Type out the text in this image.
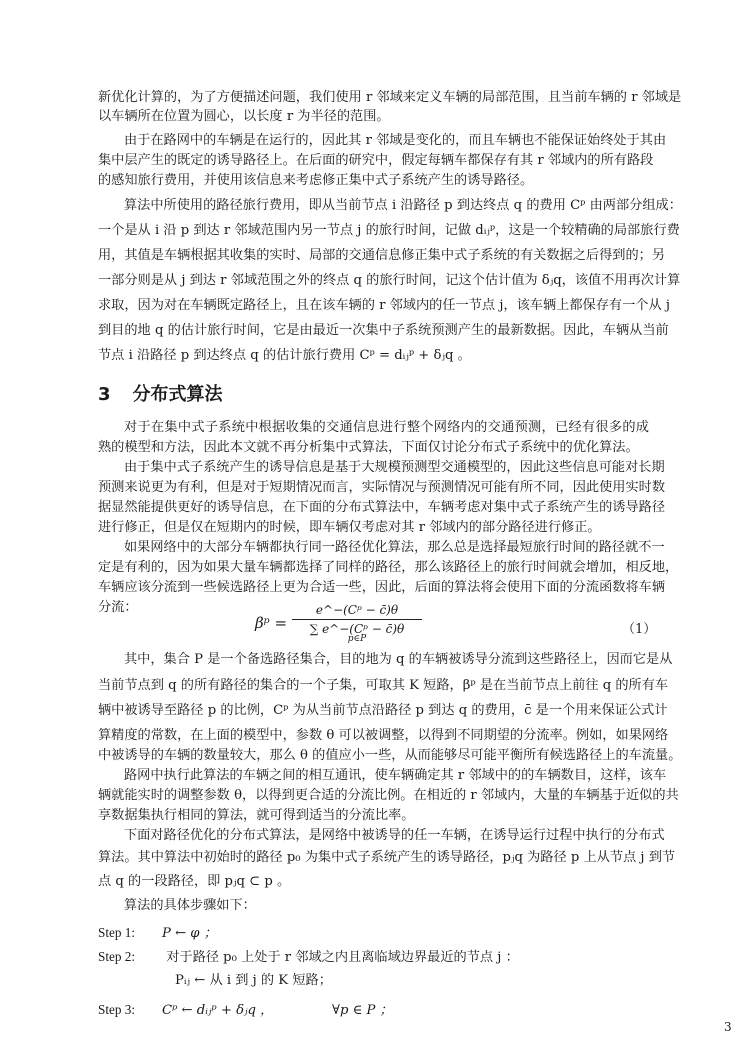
新优化计算的，为了方便描述问题，我们使用 r 邻域来定义车辆的局部范围，且当前车辆的 r 邻域是
以车辆所在位置为圆心，以长度 r 为半径的范围。
由于在路网中的车辆是在运行的，因此其 r 邻域是变化的，而且车辆也不能保证始终处于其由
集中层产生的既定的诱导路径上。在后面的研究中，假定每辆车都保存有其 r 邻域内的所有路段
的感知旅行费用，并使用该信息来考虑修正集中式子系统产生的诱导路径。
算法中所使用的路径旅行费用，即从当前节点 i 沿路径 p 到达终点 q 的费用 Cᵖ 由两部分组成：
一个是从 i 沿 p 到达 r 邻域范围内另一节点 j 的旅行时间，记做 dᵢⱼᵖ，这是一个较精确的局部旅行费
用，其值是车辆根据其收集的实时、局部的交通信息修正集中式子系统的有关数据之后得到的；另
一部分则是从 j 到达 r 邻域范围之外的终点 q 的旅行时间，记这个估计值为 δⱼq，该值不用再次计算
求取，因为对在车辆既定路径上，且在该车辆的 r 邻域内的任一节点 j，该车辆上都保存有一个从 j
到目的地 q 的估计旅行时间，它是由最近一次集中子系统预测产生的最新数据。因此，车辆从当前
节点 i 沿路径 p 到达终点 q 的估计旅行费用 Cᵖ = dᵢⱼᵖ + δⱼq 。
3 分布式算法
对于在集中式子系统中根据收集的交通信息进行整个网络内的交通预测，已经有很多的成
熟的模型和方法，因此本文就不再分析集中式算法，下面仅讨论分布式子系统中的优化算法。
由于集中式子系统产生的诱导信息是基于大规模预测型交通模型的，因此这些信息可能对长期
预测来说更为有利，但是对于短期情况而言，实际情况与预测情况可能有所不同，因此使用实时数
据显然能提供更好的诱导信息，在下面的分布式算法中，车辆考虑对集中式子系统产生的诱导路径
进行修正，但是仅在短期内的时候，即车辆仅考虑对其 r 邻域内的部分路径进行修正。
如果网络中的大部分车辆都执行同一路径优化算法，那么总是选择最短旅行时间的路径就不一
定是有利的，因为如果大量车辆都选择了同样的路径，那么该路径上的旅行时间就会增加，相反地，
车辆应该分流到一些候选路径上更为合适一些，因此，后面的算法将会使用下面的分流函数将车辆
分流：
βᵖ =
e^−(Cᵖ − c̄)θ
∑ e^−(Cᵖ − c̄)θ
p∈P
（1）
其中，集合 P 是一个备选路径集合，目的地为 q 的车辆被诱导分流到这些路径上，因而它是从
当前节点到 q 的所有路径的集合的一个子集，可取其 K 短路，βᵖ 是在当前节点上前往 q 的所有车
辆中被诱导至路径 p 的比例，Cᵖ 为从当前节点沿路径 p 到达 q 的费用，c̄ 是一个用来保证公式计
算精度的常数，在上面的模型中，参数 θ 可以被调整，以得到不同期望的分流率。例如，如果网络
中被诱导的车辆的数量较大，那么 θ 的值应小一些，从而能够尽可能平衡所有候选路径上的车流量。
路网中执行此算法的车辆之间的相互通讯，使车辆确定其 r 邻域中的的车辆数目，这样，该车
辆就能实时的调整参数 θ，以得到更合适的分流比例。在相近的 r 邻域内，大量的车辆基于近似的共
享数据集执行相同的算法，就可得到适当的分流比率。
下面对路径优化的分布式算法，是网络中被诱导的任一车辆，在诱导运行过程中执行的分布式
算法。其中算法中初始时的路径 p₀ 为集中式子系统产生的诱导路径，pⱼq 为路径 p 上从节点 j 到节
点 q 的一段路径，即 pⱼq ⊂ p 。
算法的具体步骤如下：
Step 1: P ← φ ；
Step 2: 对于路径 p₀ 上处于 r 邻域之内且离临域边界最近的节点 j ：
Pᵢⱼ ← 从 i 到 j 的 K 短路；
Step 3: Cᵖ ← dᵢⱼᵖ + δⱼq ，              ∀p ∈ P ；
3
